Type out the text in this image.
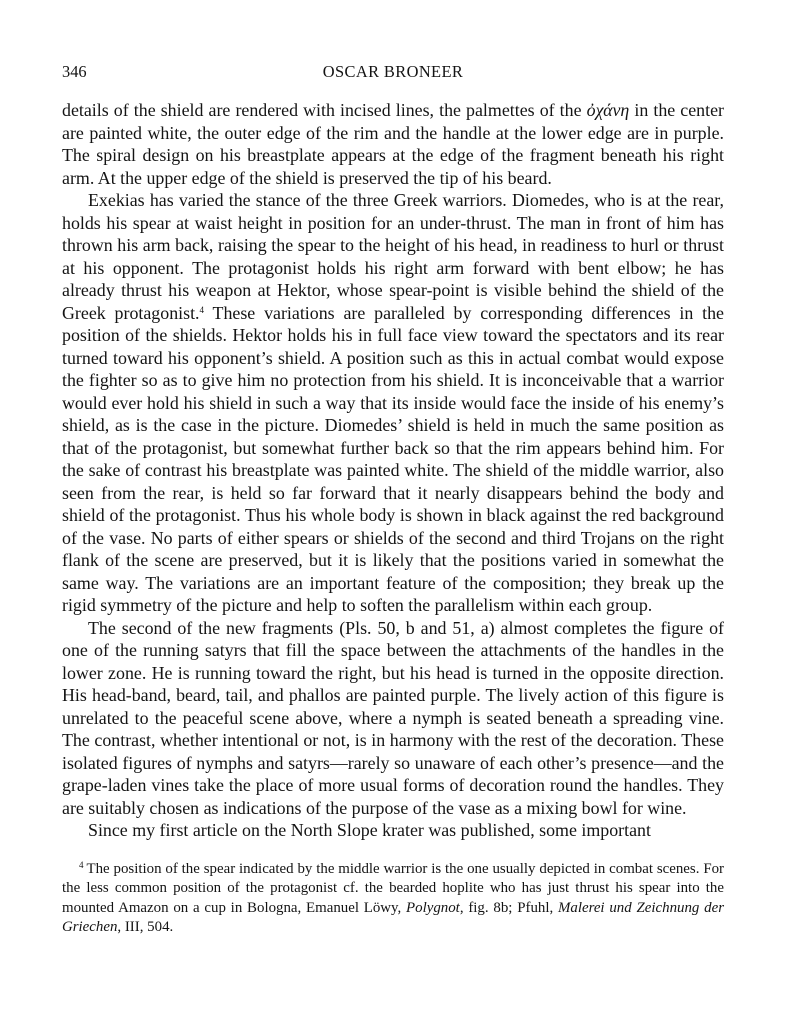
346	OSCAR BRONEER

details of the shield are rendered with incised lines, the palmettes of the ὀχάνη in the center are painted white, the outer edge of the rim and the handle at the lower edge are in purple. The spiral design on his breastplate appears at the edge of the fragment beneath his right arm. At the upper edge of the shield is preserved the tip of his beard.

Exekias has varied the stance of the three Greek warriors. Diomedes, who is at the rear, holds his spear at waist height in position for an under-thrust. The man in front of him has thrown his arm back, raising the spear to the height of his head, in readiness to hurl or thrust at his opponent. The protagonist holds his right arm forward with bent elbow; he has already thrust his weapon at Hektor, whose spear-point is visible behind the shield of the Greek protagonist.$^4$ These variations are paralleled by corresponding differences in the position of the shields. Hektor holds his in full face view toward the spectators and its rear turned toward his opponent’s shield. A position such as this in actual combat would expose the fighter so as to give him no protection from his shield. It is inconceivable that a warrior would ever hold his shield in such a way that its inside would face the inside of his enemy’s shield, as is the case in the picture. Diomedes’ shield is held in much the same position as that of the protagonist, but somewhat further back so that the rim appears behind him. For the sake of contrast his breastplate was painted white. The shield of the middle warrior, also seen from the rear, is held so far forward that it nearly disappears behind the body and shield of the protagonist. Thus his whole body is shown in black against the red background of the vase. No parts of either spears or shields of the second and third Trojans on the right flank of the scene are preserved, but it is likely that the positions varied in somewhat the same way. The variations are an important feature of the composition; they break up the rigid symmetry of the picture and help to soften the parallelism within each group.

The second of the new fragments (Pls. 50, b and 51, a) almost completes the figure of one of the running satyrs that fill the space between the attachments of the handles in the lower zone. He is running toward the right, but his head is turned in the opposite direction. His head-band, beard, tail, and phallos are painted purple. The lively action of this figure is unrelated to the peaceful scene above, where a nymph is seated beneath a spreading vine. The contrast, whether intentional or not, is in harmony with the rest of the decoration. These isolated figures of nymphs and satyrs—rarely so unaware of each other’s presence—and the grape-laden vines take the place of more usual forms of decoration round the handles. They are suitably chosen as indications of the purpose of the vase as a mixing bowl for wine.

Since my first article on the North Slope krater was published, some important

$^4$ The position of the spear indicated by the middle warrior is the one usually depicted in combat scenes. For the less common position of the protagonist cf. the bearded hoplite who has just thrust his spear into the mounted Amazon on a cup in Bologna, Emanuel Löwy, Polygnot, fig. 8b; Pfuhl, Malerei und Zeichnung der Griechen, III, 504.
